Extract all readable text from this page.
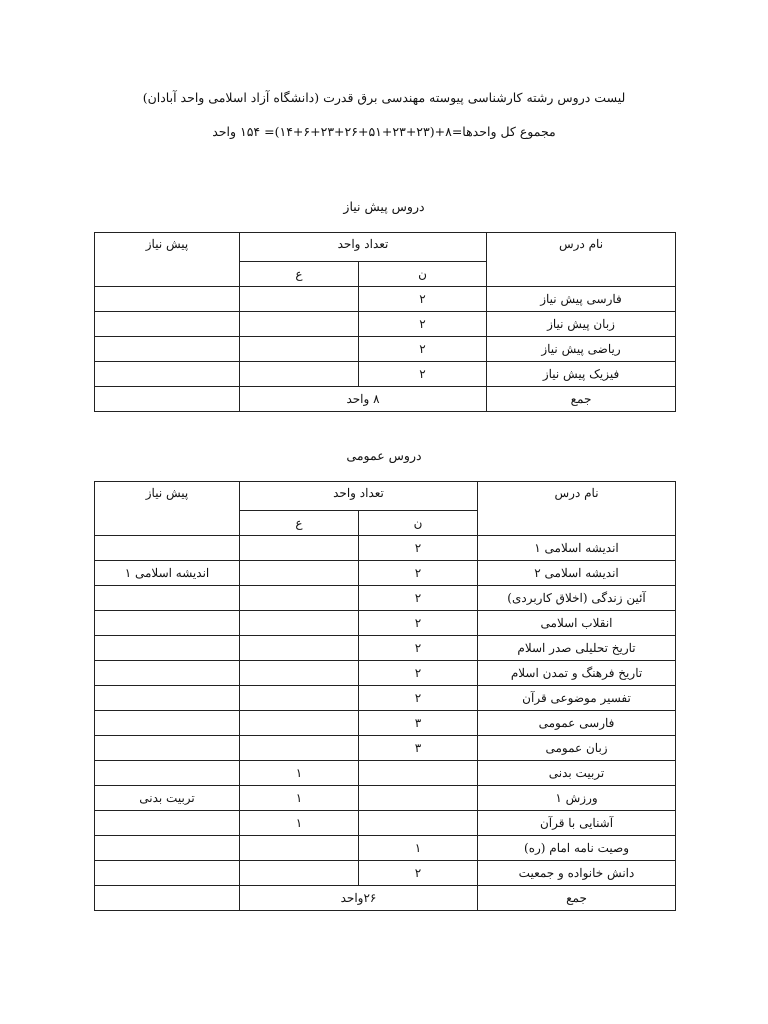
لیست دروس رشته کارشناسی پیوسته مهندسی برق قدرت (دانشگاه آزاد اسلامی واحد آبادان)
مجموع کل واحدها=۸+(۲۳+۲۳+۵۱+۲۶+۲۳+۶+۱۴)= ۱۵۴ واحد
دروس پیش نیاز
نام درس	تعداد واحد		پیش نیاز
	ن	ع	
فارسی پیش نیاز	۲		
زبان پیش نیاز	۲		
ریاضی پیش نیاز	۲		
فیزیک پیش نیاز	۲		
جمع	۸ واحد		
دروس عمومی
نام درس	تعداد واحد		پیش نیاز
	ن	ع	
اندیشه اسلامی ۱	۲		
اندیشه اسلامی ۲	۲		اندیشه اسلامی ۱
آئین زندگی (اخلاق کاربردی)	۲		
انقلاب اسلامی	۲		
تاریخ تحلیلی صدر اسلام	۲		
تاریخ فرهنگ و تمدن اسلام	۲		
تفسیر موضوعی قرآن	۲		
فارسی عمومی	۳		
زبان عمومی	۳		
تربیت بدنی		۱	
ورزش ۱		۱	تربیت بدنی
آشنایی با قرآن		۱	
وصیت نامه امام (ره)	۱		
دانش خانواده و جمعیت	۲		
جمع	۲۶واحد		
